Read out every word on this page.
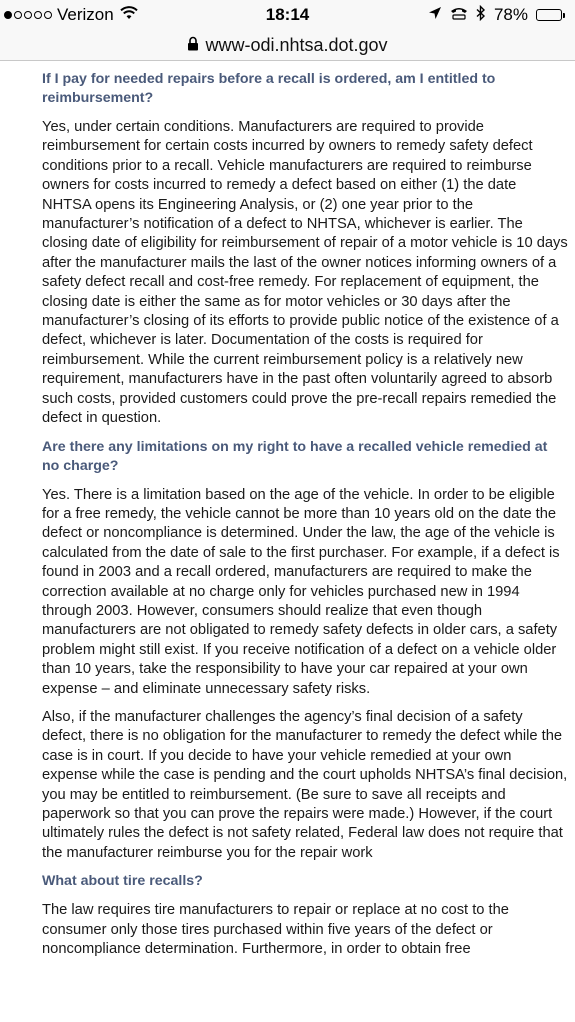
Verizon	18:14	78%
www-odi.nhtsa.dot.gov

If I pay for needed repairs before a recall is ordered, am I entitled to reimbursement?

Yes, under certain conditions. Manufacturers are required to provide reimbursement for certain costs incurred by owners to remedy safety defect conditions prior to a recall. Vehicle manufacturers are required to reimburse owners for costs incurred to remedy a defect based on either (1) the date NHTSA opens its Engineering Analysis, or (2) one year prior to the manufacturer’s notification of a defect to NHTSA, whichever is earlier. The closing date of eligibility for reimbursement of repair of a motor vehicle is 10 days after the manufacturer mails the last of the owner notices informing owners of a safety defect recall and cost-free remedy. For replacement of equipment, the closing date is either the same as for motor vehicles or 30 days after the manufacturer’s closing of its efforts to provide public notice of the existence of a defect, whichever is later. Documentation of the costs is required for reimbursement. While the current reimbursement policy is a relatively new requirement, manufacturers have in the past often voluntarily agreed to absorb such costs, provided customers could prove the pre-recall repairs remedied the defect in question.

Are there any limitations on my right to have a recalled vehicle remedied at no charge?

Yes. There is a limitation based on the age of the vehicle. In order to be eligible for a free remedy, the vehicle cannot be more than 10 years old on the date the defect or noncompliance is determined. Under the law, the age of the vehicle is calculated from the date of sale to the first purchaser. For example, if a defect is found in 2003 and a recall ordered, manufacturers are required to make the correction available at no charge only for vehicles purchased new in 1994 through 2003. However, consumers should realize that even though manufacturers are not obligated to remedy safety defects in older cars, a safety problem might still exist. If you receive notification of a defect on a vehicle older than 10 years, take the responsibility to have your car repaired at your own expense – and eliminate unnecessary safety risks.

Also, if the manufacturer challenges the agency’s final decision of a safety defect, there is no obligation for the manufacturer to remedy the defect while the case is in court. If you decide to have your vehicle remedied at your own expense while the case is pending and the court upholds NHTSA’s final decision, you may be entitled to reimbursement. (Be sure to save all receipts and paperwork so that you can prove the repairs were made.) However, if the court ultimately rules the defect is not safety related, Federal law does not require that the manufacturer reimburse you for the repair work

What about tire recalls?

The law requires tire manufacturers to repair or replace at no cost to the consumer only those tires purchased within five years of the defect or noncompliance determination. Furthermore, in order to obtain free
